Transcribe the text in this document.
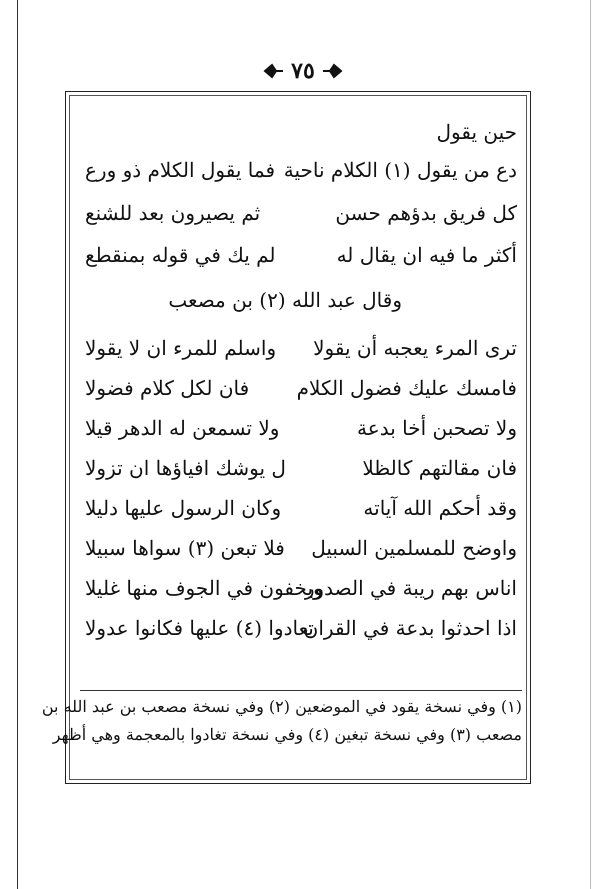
٧٥
حين يقول
دع من يقول (١) الكلام ناحية
فما يقول الكلام ذو ورع
كل فريق بدؤهم حسن
ثم يصيرون بعد للشنع
أكثر ما فيه ان يقال له
لم يك في قوله بمنقطع
وقال عبد الله (٢) بن مصعب
ترى المرء يعجبه أن يقولا
واسلم للمرء ان لا يقولا
فامسك عليك فضول الكلام
فان لكل كلام فضولا
ولا تصحبن أخا بدعة
ولا تسمعن له الدهر قيلا
فان مقالتهم كالظلا
ل يوشك افياؤها ان تزولا
وقد أحكم الله آياته
وكان الرسول عليها دليلا
واوضح للمسلمين السبيل
فلا تبعن (٣) سواها سبيلا
اناس بهم ريبة في الصدور
ويخفون في الجوف منها غليلا
اذا احدثوا بدعة في القران
تعادوا (٤) عليها فكانوا عدولا
(١) وفي نسخة يقود في الموضعين (٢) وفي نسخة مصعب بن عبد الله بن
مصعب (٣) وفي نسخة تبغين (٤) وفي نسخة تغادوا بالمعجمة وهي أظهر
